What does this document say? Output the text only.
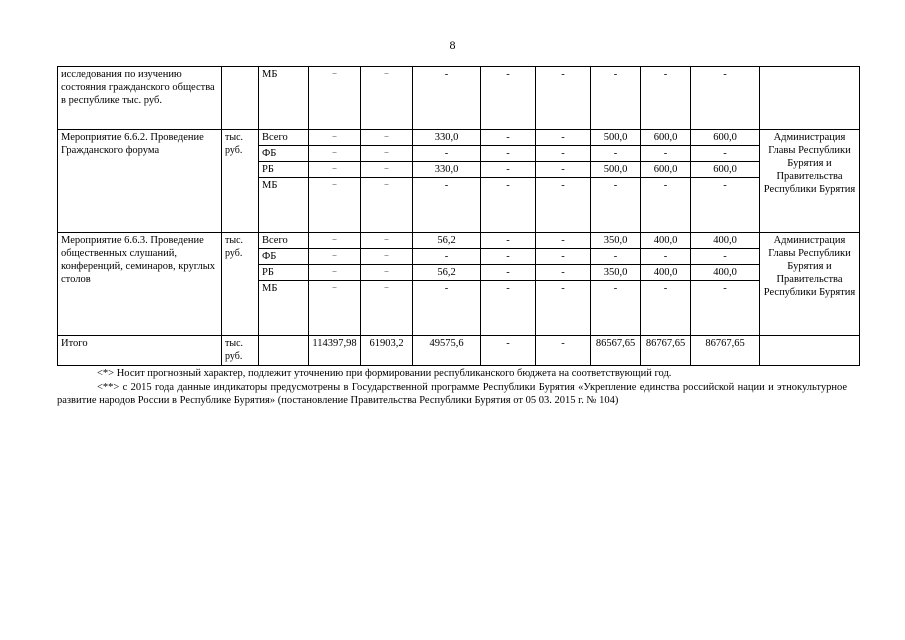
8
исследования по изучению состояния гражданского общества в республике тыс. руб.		МБ	–	–	-	-	-	-	-	-	
Мероприятие 6.6.2. Проведение Гражданского форума	тыс. руб.	Всего	–	–	330,0	-	-	500,0	600,0	600,0	Администрация Главы Республики Бурятия и Правительства Республики Бурятия
		ФБ	–	–	-	-	-	-	-	-	
		РБ	–	–	330,0	-	-	500,0	600,0	600,0	
		МБ	–	–	-	-	-	-	-	-	
Мероприятие 6.6.3. Проведение общественных слушаний, конференций, семинаров, круглых столов	тыс. руб.	Всего	–	–	56,2	-	-	350,0	400,0	400,0	Администрация Главы Республики Бурятия и Правительства Республики Бурятия
		ФБ	–	–	-	-	-	-	-	-	
		РБ	–	–	56,2	-	-	350,0	400,0	400,0	
		МБ	–	–	-	-	-	-	-	-	
Итого	тыс. руб.		114397,98	61903,2	49575,6	-	-	86567,65	86767,65	86767,65	

<*> Носит прогнозный характер, подлежит уточнению при формировании республиканского бюджета на соответствующий год.

<**> с 2015 года данные индикаторы предусмотрены в Государственной программе Республики Бурятия «Укрепление единства российской нации и этнокультурное развитие народов России в Республике Бурятия» (постановление Правительства Республики Бурятия от 05 03. 2015 г. № 104)
